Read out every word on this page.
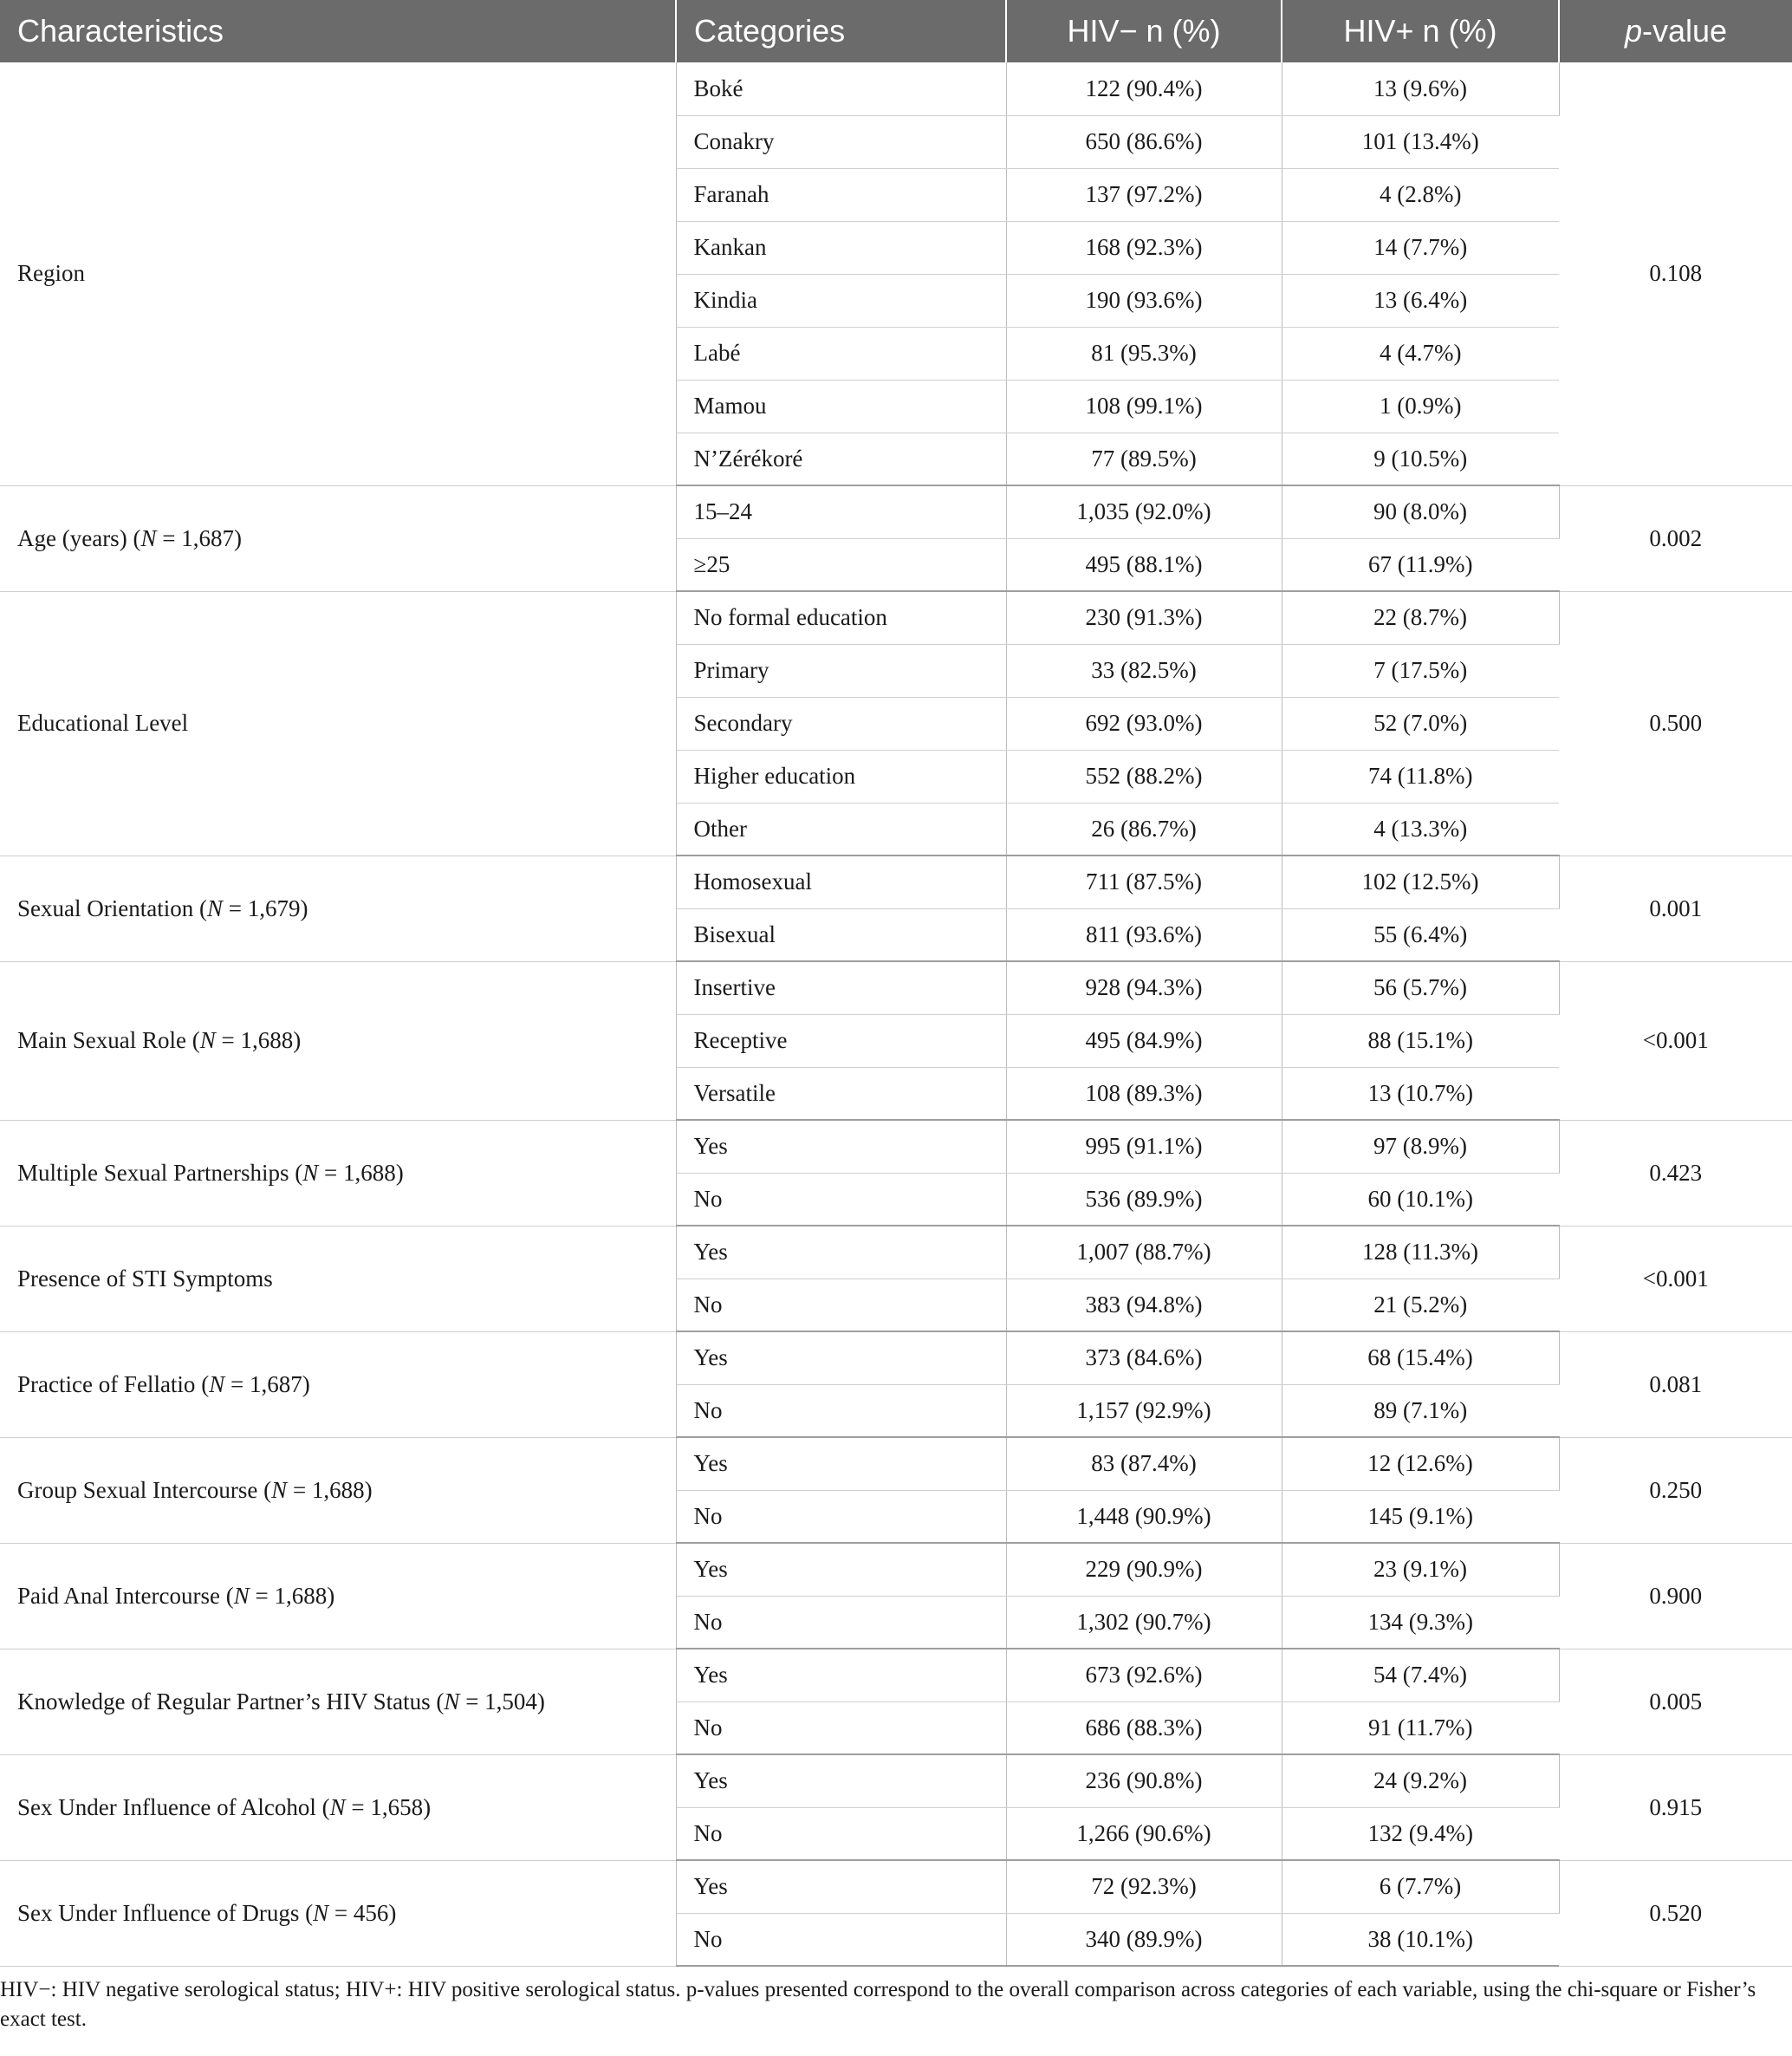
Characteristics	Categories	HIV− n (%)	HIV+ n (%)	p-value
Region	Boké	122 (90.4%)	13 (9.6%)	0.108
	Conakry	650 (86.6%)	101 (13.4%)	
	Faranah	137 (97.2%)	4 (2.8%)	
	Kankan	168 (92.3%)	14 (7.7%)	
	Kindia	190 (93.6%)	13 (6.4%)	
	Labé	81 (95.3%)	4 (4.7%)	
	Mamou	108 (99.1%)	1 (0.9%)	
	N’Zérékoré	77 (89.5%)	9 (10.5%)	
Age (years) (N = 1,687)	15–24	1,035 (92.0%)	90 (8.0%)	0.002
	≥25	495 (88.1%)	67 (11.9%)	
Educational Level	No formal education	230 (91.3%)	22 (8.7%)	0.500
	Primary	33 (82.5%)	7 (17.5%)	
	Secondary	692 (93.0%)	52 (7.0%)	
	Higher education	552 (88.2%)	74 (11.8%)	
	Other	26 (86.7%)	4 (13.3%)	
Sexual Orientation (N = 1,679)	Homosexual	711 (87.5%)	102 (12.5%)	0.001
	Bisexual	811 (93.6%)	55 (6.4%)	
Main Sexual Role (N = 1,688)	Insertive	928 (94.3%)	56 (5.7%)	<0.001
	Receptive	495 (84.9%)	88 (15.1%)	
	Versatile	108 (89.3%)	13 (10.7%)	
Multiple Sexual Partnerships (N = 1,688)	Yes	995 (91.1%)	97 (8.9%)	0.423
	No	536 (89.9%)	60 (10.1%)	
Presence of STI Symptoms	Yes	1,007 (88.7%)	128 (11.3%)	<0.001
	No	383 (94.8%)	21 (5.2%)	
Practice of Fellatio (N = 1,687)	Yes	373 (84.6%)	68 (15.4%)	0.081
	No	1,157 (92.9%)	89 (7.1%)	
Group Sexual Intercourse (N = 1,688)	Yes	83 (87.4%)	12 (12.6%)	0.250
	No	1,448 (90.9%)	145 (9.1%)	
Paid Anal Intercourse (N = 1,688)	Yes	229 (90.9%)	23 (9.1%)	0.900
	No	1,302 (90.7%)	134 (9.3%)	
Knowledge of Regular Partner’s HIV Status (N = 1,504)	Yes	673 (92.6%)	54 (7.4%)	0.005
	No	686 (88.3%)	91 (11.7%)	
Sex Under Influence of Alcohol (N = 1,658)	Yes	236 (90.8%)	24 (9.2%)	0.915
	No	1,266 (90.6%)	132 (9.4%)	
Sex Under Influence of Drugs (N = 456)	Yes	72 (92.3%)	6 (7.7%)	0.520
	No	340 (89.9%)	38 (10.1%)	

HIV−: HIV negative serological status; HIV+: HIV positive serological status. p-values presented correspond to the overall comparison across categories of each variable, using the chi-square or Fisher’s exact test.
